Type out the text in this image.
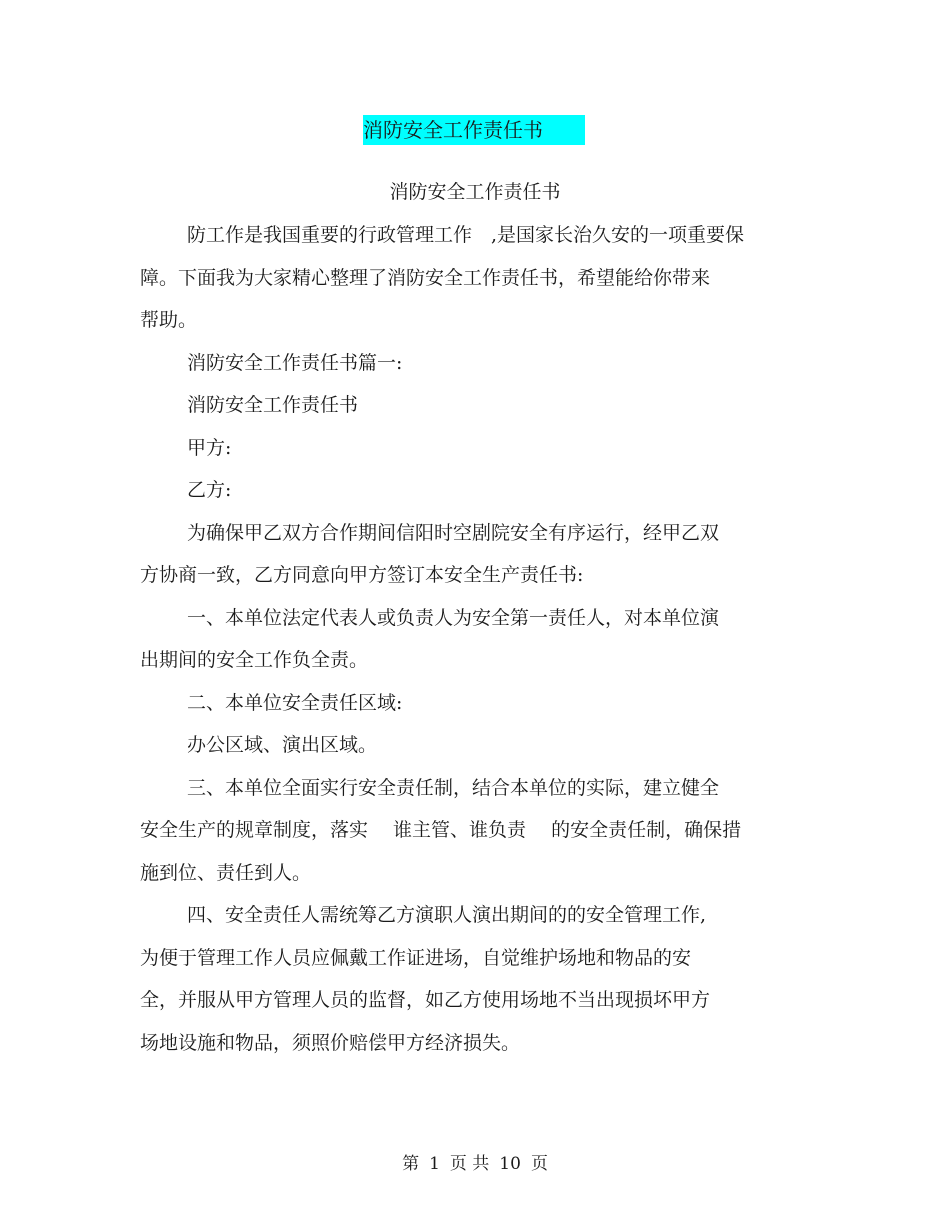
消防安全工作责任书
消防安全工作责任书
防工作是我国重要的行政管理工作　,是国家长治久安的一项重要保
障。下面我为大家精心整理了消防安全工作责任书，希望能给你带来
帮助。
消防安全工作责任书篇一:
消防安全工作责任书
甲方:
乙方:
为确保甲乙双方合作期间信阳时空剧院安全有序运行，经甲乙双
方协商一致，乙方同意向甲方签订本安全生产责任书:
一、本单位法定代表人或负责人为安全第一责任人，对本单位演
出期间的安全工作负全责。
二、本单位安全责任区域:
办公区域、演出区域。
三、本单位全面实行安全责任制，结合本单位的实际，建立健全
安全生产的规章制度，落实　 谁主管、谁负责　 的安全责任制，确保措
施到位、责任到人。
四、安全责任人需统筹乙方演职人演出期间的的安全管理工作,
为便于管理工作人员应佩戴工作证进场，自觉维护场地和物品的安
全，并服从甲方管理人员的监督，如乙方使用场地不当出现损坏甲方
场地设施和物品，须照价赔偿甲方经济损失。
第 1 页 共 10 页
